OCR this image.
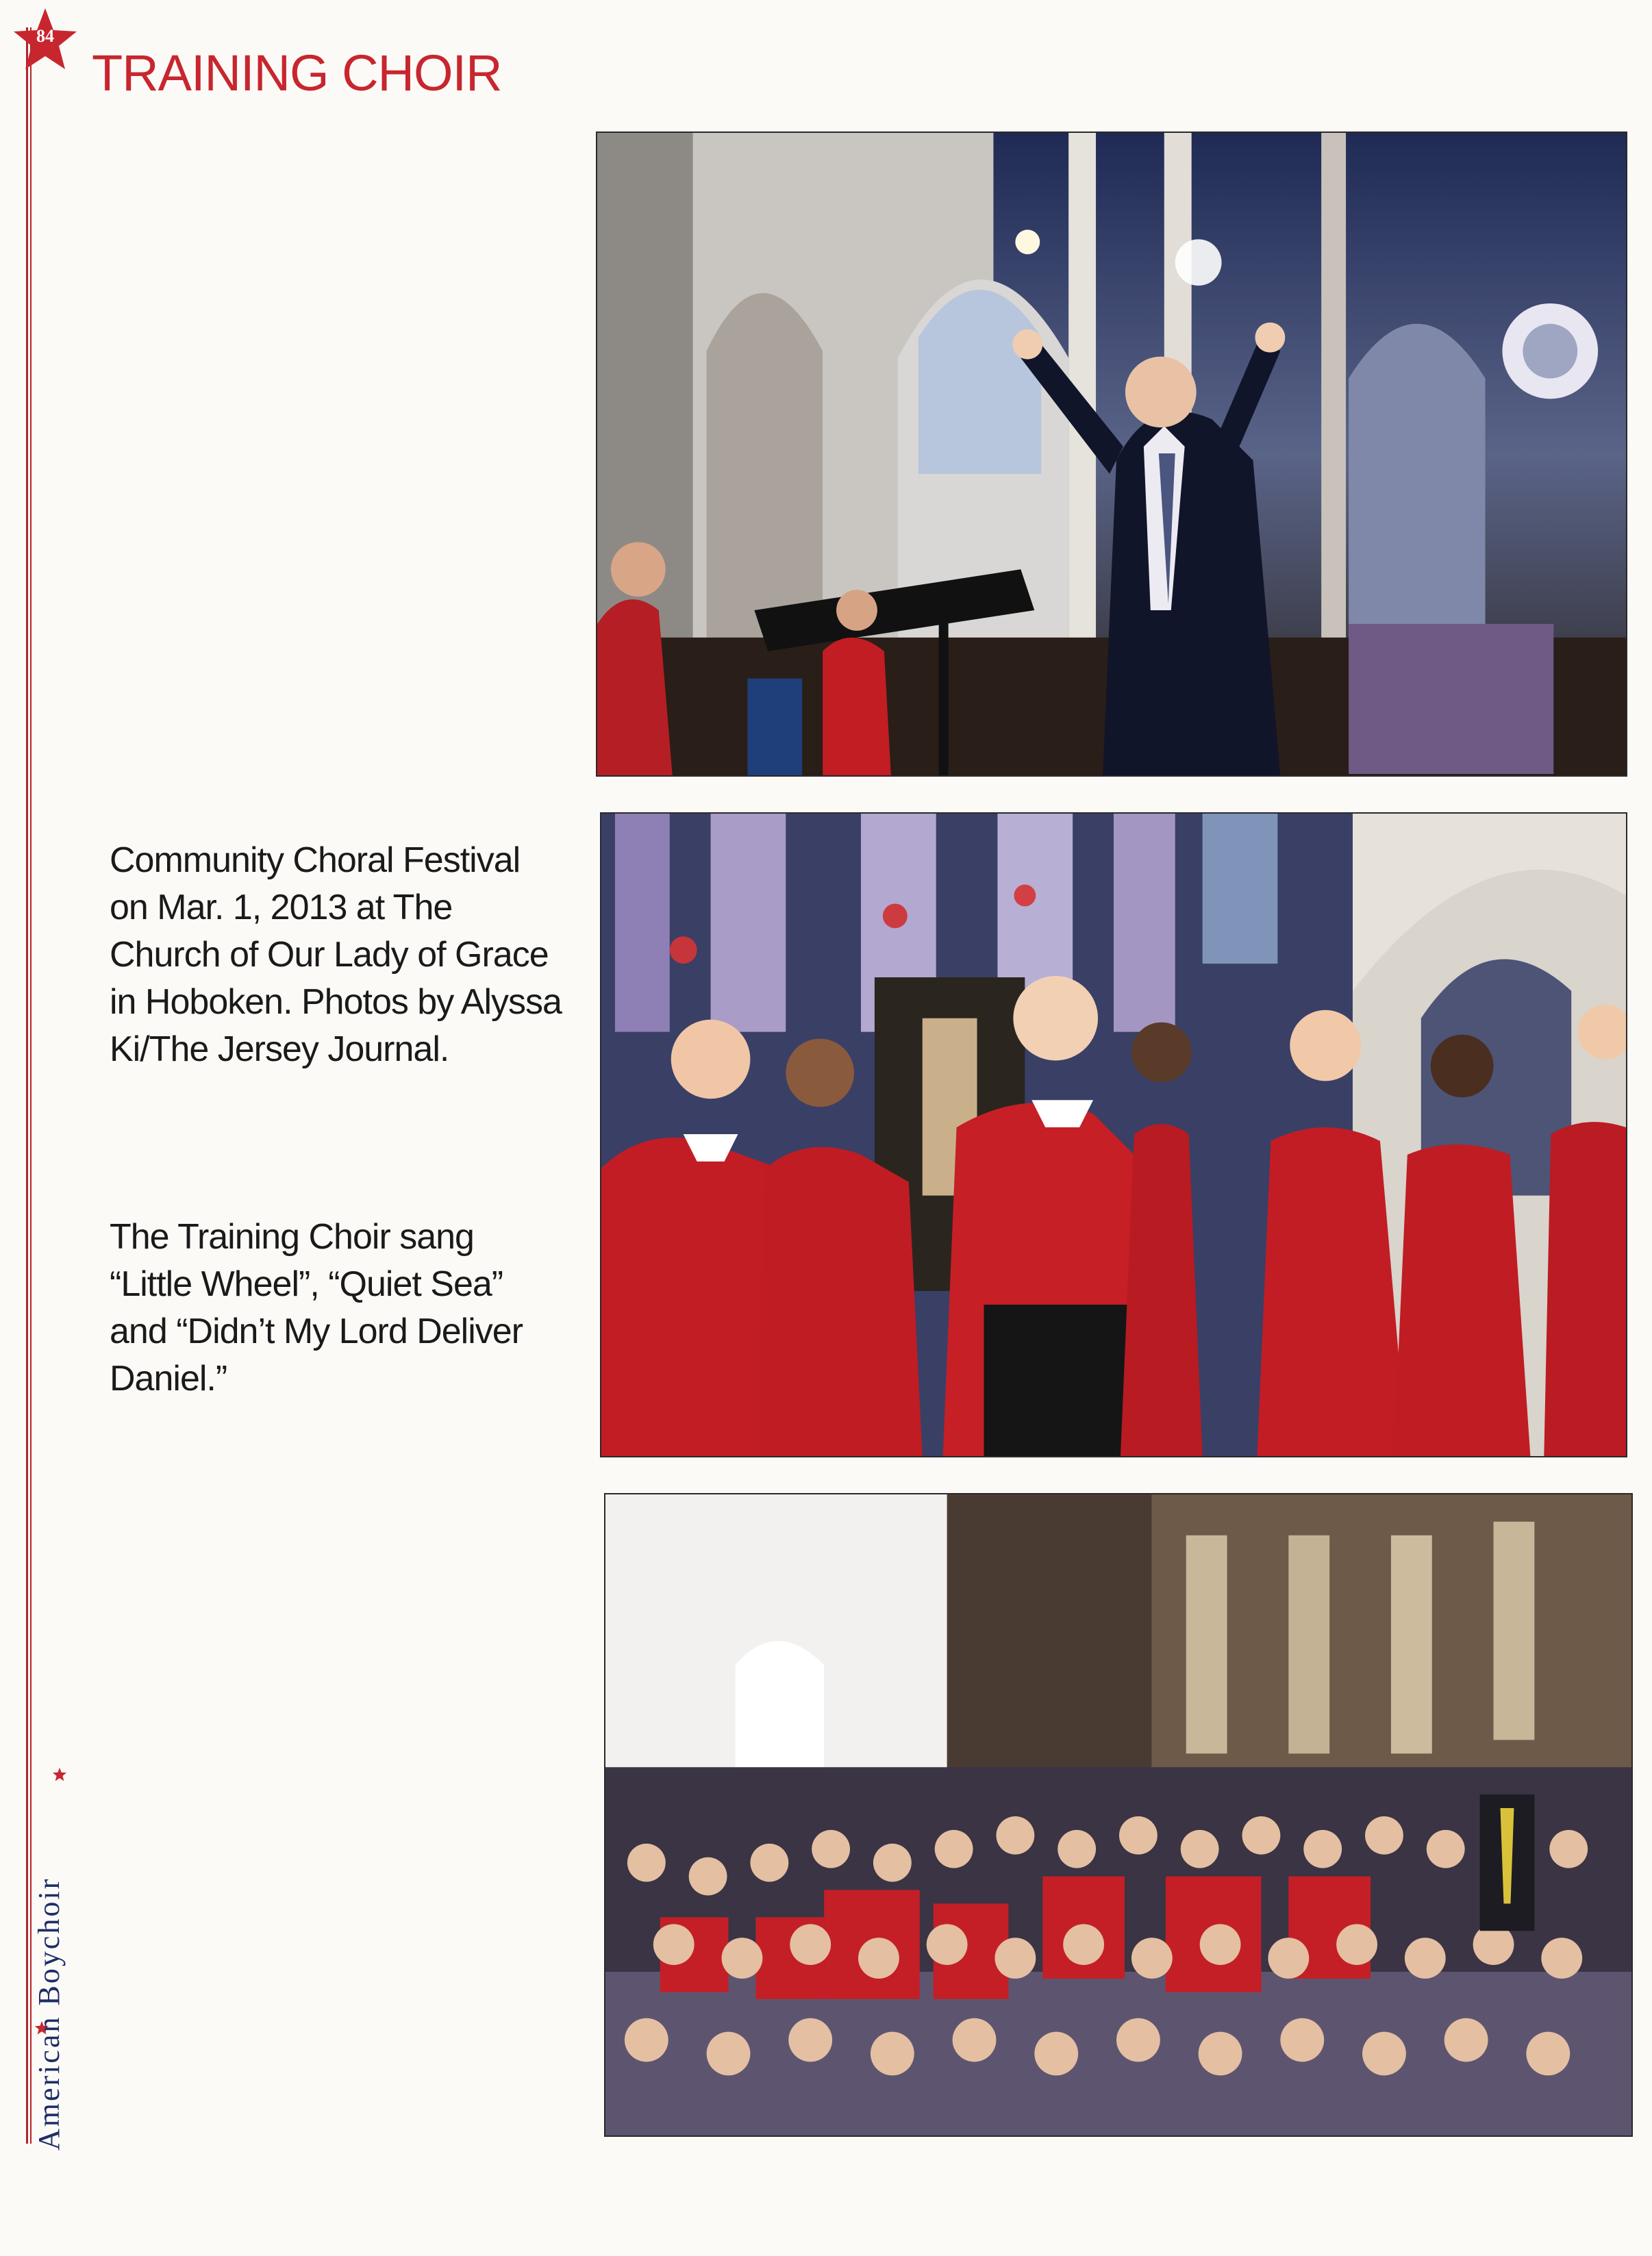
84
TRAINING CHOIR
American Boychoir

Community Choral Festival on Mar. 1, 2013 at The Church of Our Lady of Grace in Hoboken. Photos by Alyssa Ki/The Jersey Journal.

The Training Choir sang “Little Wheel”, “Quiet Sea” and “Didn’t My Lord Deliver Daniel.”
